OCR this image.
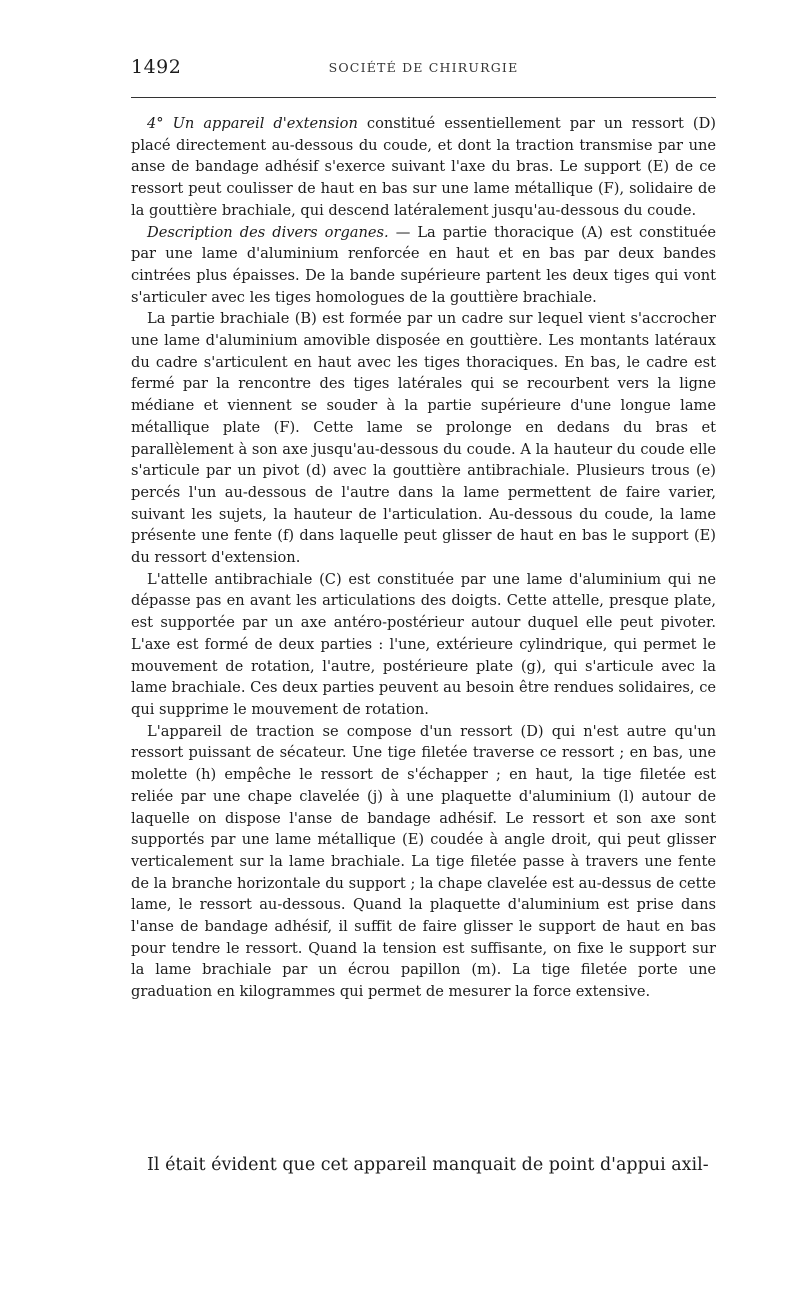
1492	SOCIÉTÉ DE CHIRURGIE

4° Un appareil d'extension constitué essentiellement par un ressort (D) placé directement au-dessous du coude, et dont la traction transmise par une anse de bandage adhésif s'exerce suivant l'axe du bras. Le support (E) de ce ressort peut coulisser de haut en bas sur une lame métallique (F), solidaire de la gouttière brachiale, qui descend latéralement jusqu'au-dessous du coude.

Description des divers organes. — La partie thoracique (A) est constituée par une lame d'aluminium renforcée en haut et en bas par deux bandes cintrées plus épaisses. De la bande supérieure partent les deux tiges qui vont s'articuler avec les tiges homologues de la gouttière brachiale.

La partie brachiale (B) est formée par un cadre sur lequel vient s'accrocher une lame d'aluminium amovible disposée en gouttière. Les montants latéraux du cadre s'articulent en haut avec les tiges thoraciques. En bas, le cadre est fermé par la rencontre des tiges latérales qui se recourbent vers la ligne médiane et viennent se souder à la partie supérieure d'une longue lame métallique plate (F). Cette lame se prolonge en dedans du bras et parallèlement à son axe jusqu'au-dessous du coude. A la hauteur du coude elle s'articule par un pivot (d) avec la gouttière antibrachiale. Plusieurs trous (e) percés l'un au-dessous de l'autre dans la lame permettent de faire varier, suivant les sujets, la hauteur de l'articulation. Au-dessous du coude, la lame présente une fente (f) dans laquelle peut glisser de haut en bas le support (E) du ressort d'extension.

L'attelle antibrachiale (C) est constituée par une lame d'aluminium qui ne dépasse pas en avant les articulations des doigts. Cette attelle, presque plate, est supportée par un axe antéro-postérieur autour duquel elle peut pivoter. L'axe est formé de deux parties : l'une, extérieure cylindrique, qui permet le mouvement de rotation, l'autre, postérieure plate (g), qui s'articule avec la lame brachiale. Ces deux parties peuvent au besoin être rendues solidaires, ce qui supprime le mouvement de rotation.

L'appareil de traction se compose d'un ressort (D) qui n'est autre qu'un ressort puissant de sécateur. Une tige filetée traverse ce ressort ; en bas, une molette (h) empêche le ressort de s'échapper ; en haut, la tige filetée est reliée par une chape clavelée (j) à une plaquette d'aluminium (l) autour de laquelle on dispose l'anse de bandage adhésif. Le ressort et son axe sont supportés par une lame métallique (E) coudée à angle droit, qui peut glisser verticalement sur la lame brachiale. La tige filetée passe à travers une fente de la branche horizontale du support ; la chape clavelée est au-dessus de cette lame, le ressort au-dessous. Quand la plaquette d'aluminium est prise dans l'anse de bandage adhésif, il suffit de faire glisser le support de haut en bas pour tendre le ressort. Quand la tension est suffisante, on fixe le support sur la lame brachiale par un écrou papillon (m). La tige filetée porte une graduation en kilogrammes qui permet de mesurer la force extensive.

Il était évident que cet appareil manquait de point d'appui axil-
